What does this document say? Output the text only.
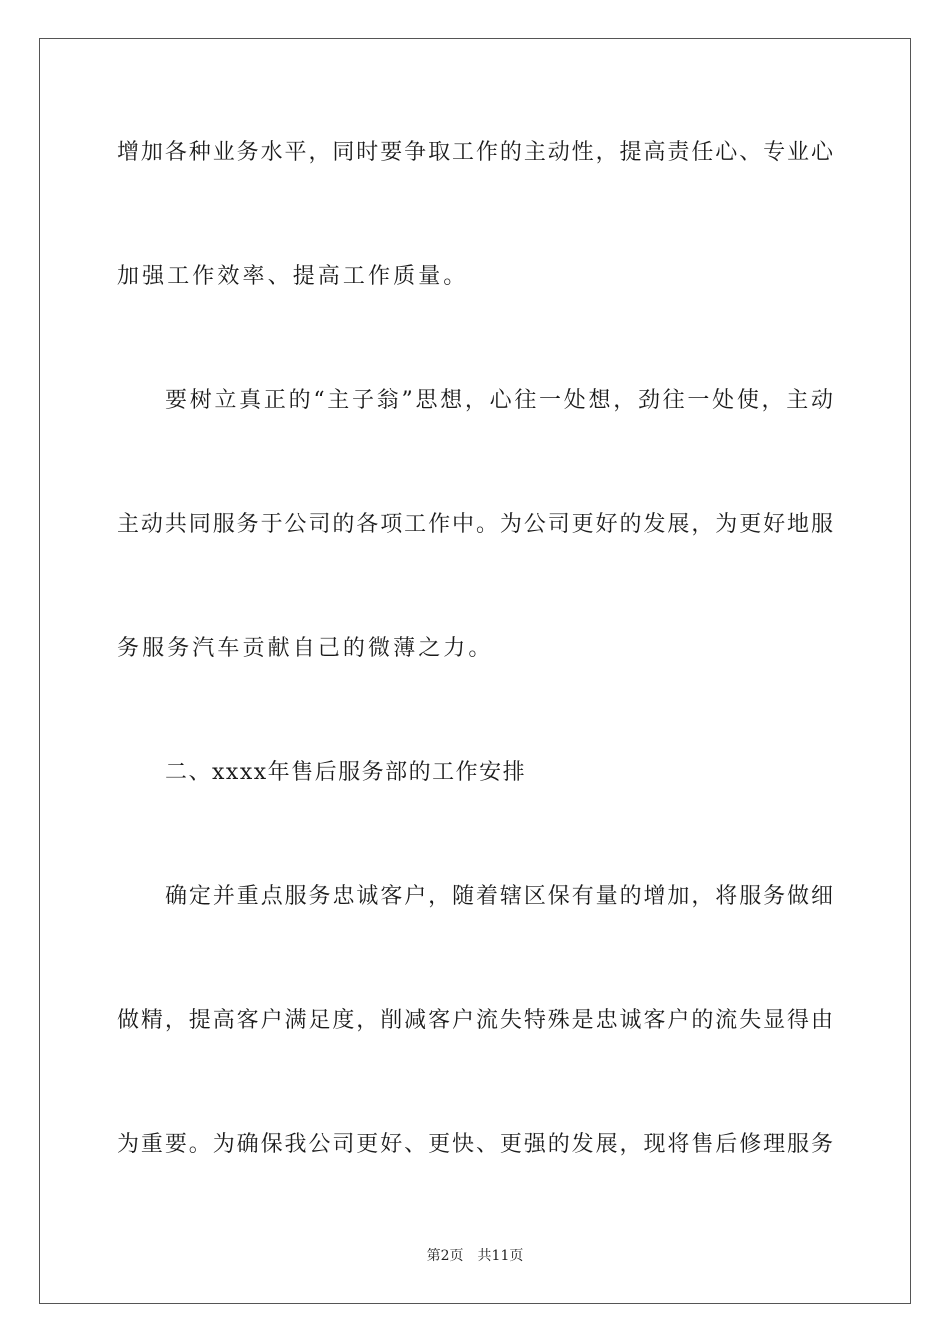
增加各种业务水平，同时要争取工作的主动性，提高责任心、专业心
加强工作效率、提高工作质量。
要树立真正的“主子翁”思想，心往一处想，劲往一处使，主动
主动共同服务于公司的各项工作中。为公司更好的发展，为更好地服
务服务汽车贡献自己的微薄之力。
二、xxxx年售后服务部的工作安排
确定并重点服务忠诚客户，随着辖区保有量的增加，将服务做细
做精，提高客户满足度，削减客户流失特殊是忠诚客户的流失显得由
为重要。为确保我公司更好、更快、更强的发展，现将售后修理服务
第2页 共11页
